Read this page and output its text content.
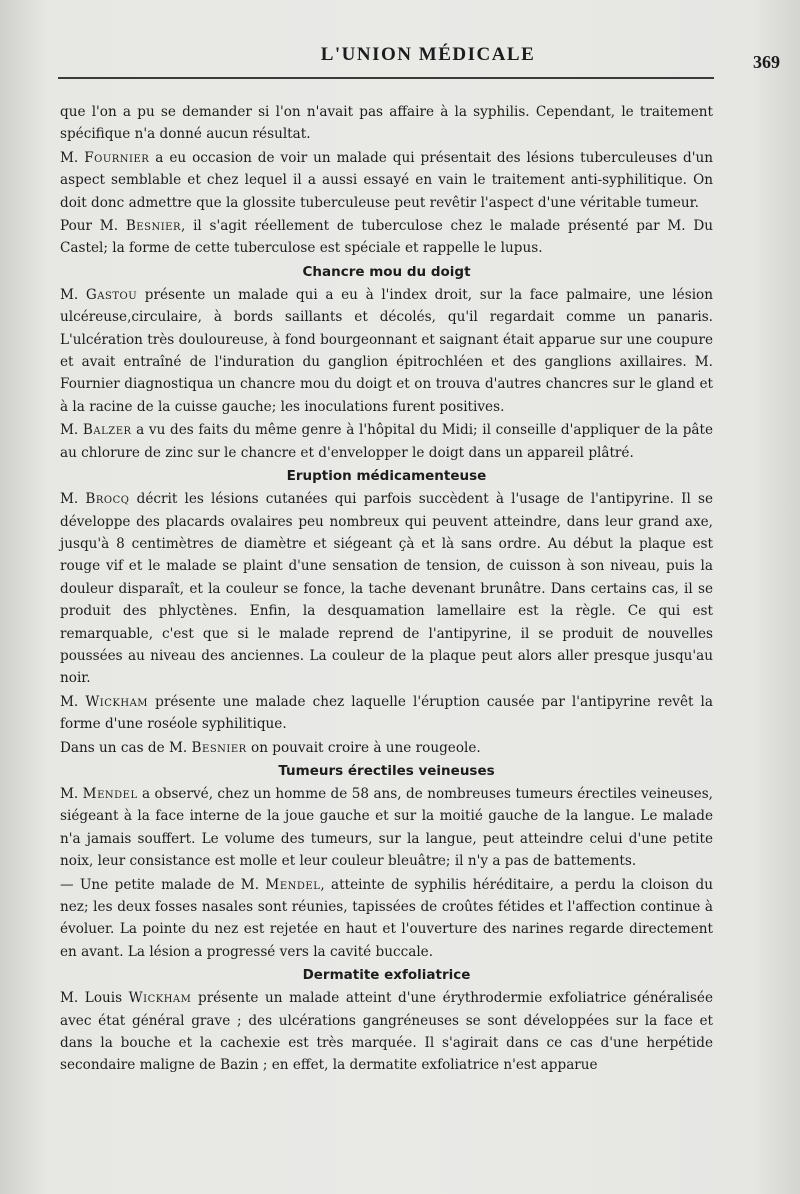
L'UNION MÉDICALE	369

que l'on a pu se demander si l'on n'avait pas affaire à la syphilis. Cependant, le traitement spécifique n'a donné aucun résultat.

M. Fournier a eu occasion de voir un malade qui présentait des lésions tuberculeuses d'un aspect semblable et chez lequel il a aussi essayé en vain le traitement anti-syphilitique. On doit donc admettre que la glossite tuberculeuse peut revêtir l'aspect d'une véritable tumeur.

Pour M. Besnier, il s'agit réellement de tuberculose chez le malade présenté par M. Du Castel; la forme de cette tuberculose est spéciale et rappelle le lupus.

Chancre mou du doigt

M. Gastou présente un malade qui a eu à l'index droit, sur la face palmaire, une lésion ulcéreuse,circulaire, à bords saillants et décolés, qu'il regardait comme un panaris. L'ulcération très douloureuse, à fond bourgeonnant et saignant était apparue sur une coupure et avait entraîné de l'induration du ganglion épitrochléen et des ganglions axillaires. M. Fournier diagnostiqua un chancre mou du doigt et on trouva d'autres chancres sur le gland et à la racine de la cuisse gauche; les inoculations furent positives.

M. Balzer a vu des faits du même genre à l'hôpital du Midi; il conseille d'appliquer de la pâte au chlorure de zinc sur le chancre et d'envelopper le doigt dans un appareil plâtré.

Eruption médicamenteuse

M. Brocq décrit les lésions cutanées qui parfois succèdent à l'usage de l'antipyrine. Il se développe des placards ovalaires peu nombreux qui peuvent atteindre, dans leur grand axe, jusqu'à 8 centimètres de diamètre et siégeant çà et là sans ordre. Au début la plaque est rouge vif et le malade se plaint d'une sensation de tension, de cuisson à son niveau, puis la douleur disparaît, et la couleur se fonce, la tache devenant brunâtre. Dans certains cas, il se produit des phlyctènes. Enfin, la desquamation lamellaire est la règle. Ce qui est remarquable, c'est que si le malade reprend de l'antipyrine, il se produit de nouvelles poussées au niveau des anciennes. La couleur de la plaque peut alors aller presque jusqu'au noir.

M. Wickham présente une malade chez laquelle l'éruption causée par l'antipyrine revêt la forme d'une roséole syphilitique.

Dans un cas de M. Besnier on pouvait croire à une rougeole.

Tumeurs érectiles veineuses

M. Mendel a observé, chez un homme de 58 ans, de nombreuses tumeurs érectiles veineuses, siégeant à la face interne de la joue gauche et sur la moitié gauche de la langue. Le malade n'a jamais souffert. Le volume des tumeurs, sur la langue, peut atteindre celui d'une petite noix, leur consistance est molle et leur couleur bleuâtre; il n'y a pas de battements.

— Une petite malade de M. Mendel, atteinte de syphilis héréditaire, a perdu la cloison du nez; les deux fosses nasales sont réunies, tapissées de croûtes fétides et l'affection continue à évoluer. La pointe du nez est rejetée en haut et l'ouverture des narines regarde directement en avant. La lésion a progressé vers la cavité buccale.

Dermatite exfoliatrice

M. Louis Wickham présente un malade atteint d'une érythrodermie exfoliatrice généralisée avec état général grave ; des ulcérations gangréneuses se sont développées sur la face et dans la bouche et la cachexie est très marquée. Il s'agirait dans ce cas d'une herpétide secondaire maligne de Bazin ; en effet, la dermatite exfoliatrice n'est apparue
